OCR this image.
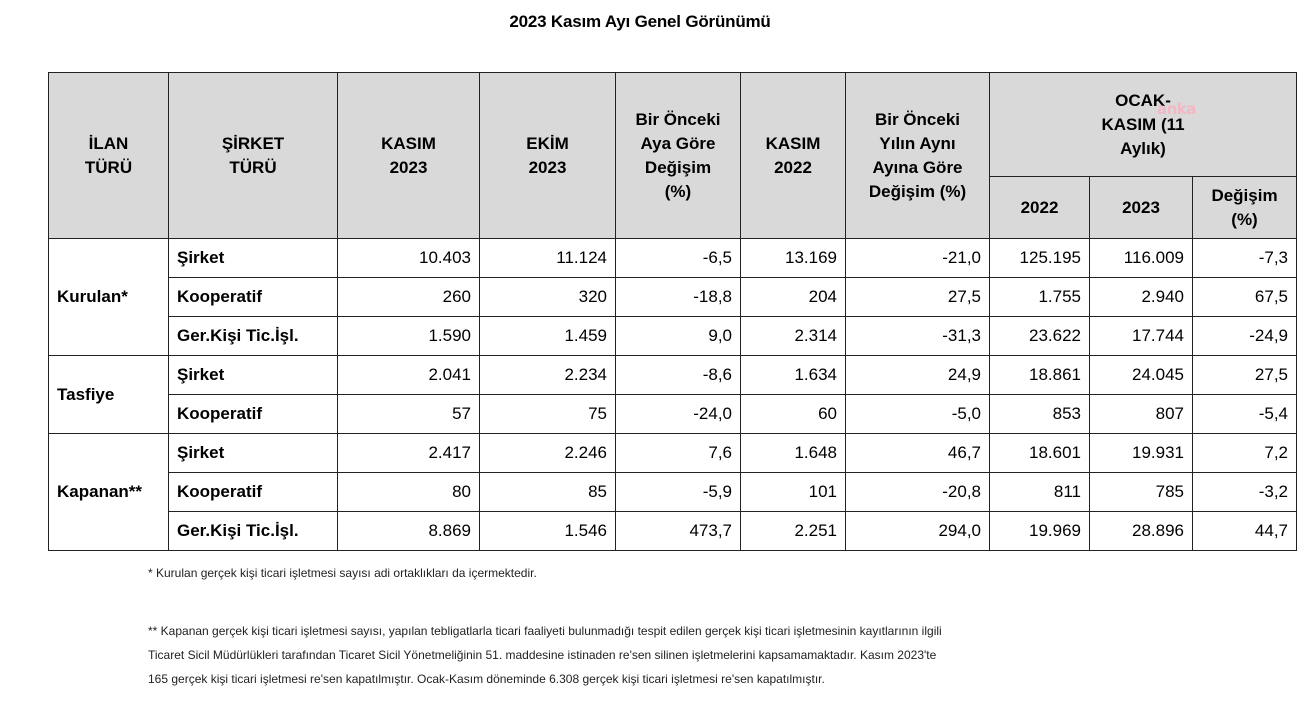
2023 Kasım Ayı Genel Görünümü
İLAN TÜRÜ	ŞİRKET TÜRÜ	KASIM 2023	EKİM 2023	Bir Önceki Aya Göre Değişim (%)	KASIM 2022	Bir Önceki Yılın Aynı Ayına Göre Değişim (%)	OCAK- KASIM (11 Aylık)		
							2022	2023	Değişim (%)
Kurulan*	Şirket	10.403	11.124	-6,5	13.169	-21,0	125.195	116.009	-7,3
	Kooperatif	260	320	-18,8	204	27,5	1.755	2.940	67,5
	Ger.Kişi Tic.İşl.	1.590	1.459	9,0	2.314	-31,3	23.622	17.744	-24,9
Tasfiye	Şirket	2.041	2.234	-8,6	1.634	24,9	18.861	24.045	27,5
	Kooperatif	57	75	-24,0	60	-5,0	853	807	-5,4
Kapanan**	Şirket	2.417	2.246	7,6	1.648	46,7	18.601	19.931	7,2
	Kooperatif	80	85	-5,9	101	-20,8	811	785	-3,2
	Ger.Kişi Tic.İşl.	8.869	1.546	473,7	2.251	294,0	19.969	28.896	44,7
anka
* Kurulan gerçek kişi ticari işletmesi sayısı adi ortaklıkları da içermektedir.
** Kapanan gerçek kişi ticari işletmesi sayısı, yapılan tebligatlarla ticari faaliyeti bulunmadığı tespit edilen gerçek kişi ticari işletmesinin kayıtlarının ilgili
Ticaret Sicil Müdürlükleri tarafından Ticaret Sicil Yönetmeliğinin 51. maddesine istinaden re'sen silinen işletmelerini kapsamamaktadır. Kasım 2023'te
165 gerçek kişi ticari işletmesi re'sen kapatılmıştır. Ocak-Kasım döneminde 6.308 gerçek kişi ticari işletmesi re'sen kapatılmıştır.
